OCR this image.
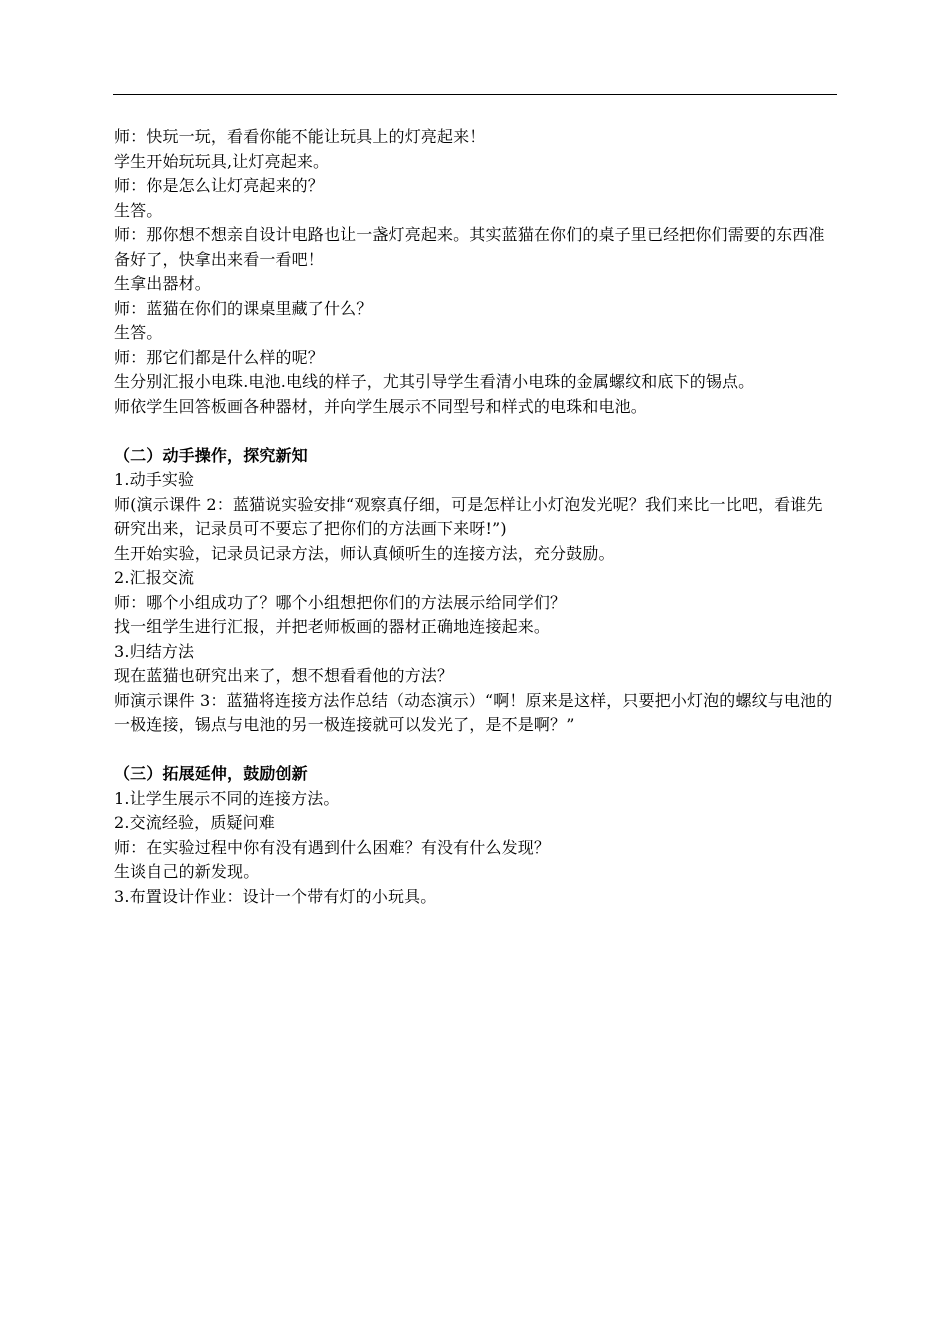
师：快玩一玩，看看你能不能让玩具上的灯亮起来！

学生开始玩玩具,让灯亮起来。

师：你是怎么让灯亮起来的？

生答。

师：那你想不想亲自设计电路也让一盏灯亮起来。其实蓝猫在你们的桌子里已经把你们需要的东西准备好了，快拿出来看一看吧！

生拿出器材。

师：蓝猫在你们的课桌里藏了什么？

生答。

师：那它们都是什么样的呢？

生分别汇报小电珠.电池.电线的样子，尤其引导学生看清小电珠的金属螺纹和底下的锡点。

师依学生回答板画各种器材，并向学生展示不同型号和样式的电珠和电池。

（二）动手操作，探究新知

1.动手实验

师(演示课件 2：蓝猫说实验安排“观察真仔细，可是怎样让小灯泡发光呢？我们来比一比吧，看谁先研究出来，记录员可不要忘了把你们的方法画下来呀!”)

生开始实验，记录员记录方法，师认真倾听生的连接方法，充分鼓励。

2.汇报交流

师：哪个小组成功了？哪个小组想把你们的方法展示给同学们？

找一组学生进行汇报，并把老师板画的器材正确地连接起来。

3.归结方法

现在蓝猫也研究出来了，想不想看看他的方法？

师演示课件 3：蓝猫将连接方法作总结（动态演示）“啊！原来是这样，只要把小灯泡的螺纹与电池的一极连接，锡点与电池的另一极连接就可以发光了，是不是啊？”

（三）拓展延伸，鼓励创新

1.让学生展示不同的连接方法。

2.交流经验，质疑问难

师：在实验过程中你有没有遇到什么困难？有没有什么发现？

生谈自己的新发现。

3.布置设计作业：设计一个带有灯的小玩具。
